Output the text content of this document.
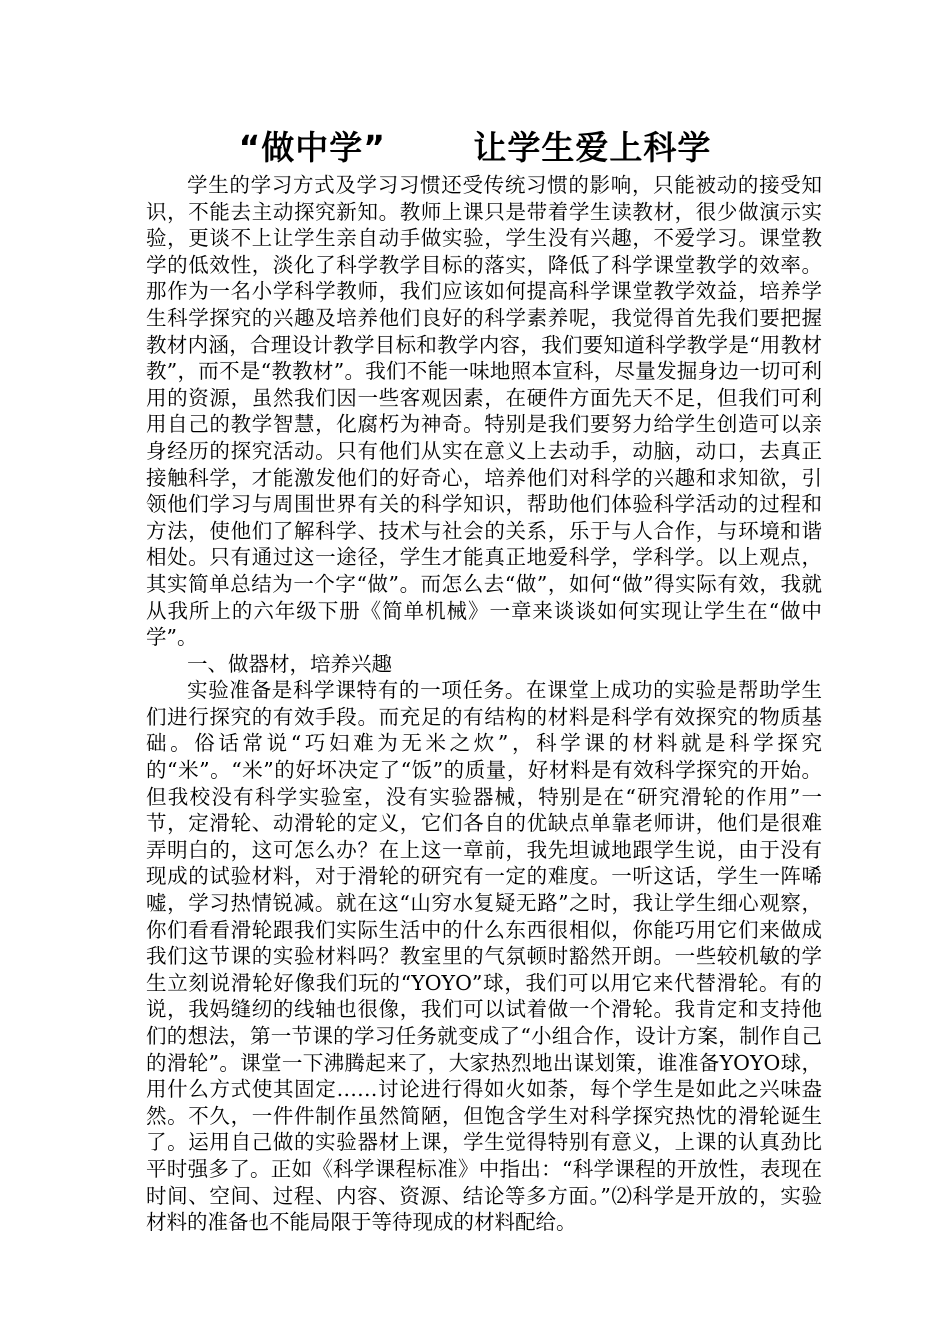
“做中学”       让学生爱上科学

学生的学习方式及学习习惯还受传统习惯的影响，只能被动的接受知识，不能去主动探究新知。教师上课只是带着学生读教材，很少做演示实验，更谈不上让学生亲自动手做实验，学生没有兴趣，不爱学习。课堂教学的低效性，淡化了科学教学目标的落实，降低了科学课堂教学的效率。那作为一名小学科学教师，我们应该如何提高科学课堂教学效益，培养学生科学探究的兴趣及培养他们良好的科学素养呢，我觉得首先我们要把握教材内涵，合理设计教学目标和教学内容，我们要知道科学教学是“用教材教”，而不是“教教材”。我们不能一味地照本宣科，尽量发掘身边一切可利用的资源，虽然我们因一些客观因素，在硬件方面先天不足，但我们可利用自己的教学智慧，化腐朽为神奇。特别是我们要努力给学生创造可以亲身经历的探究活动。只有他们从实在意义上去动手，动脑，动口，去真正接触科学，才能激发他们的好奇心，培养他们对科学的兴趣和求知欲，引领他们学习与周围世界有关的科学知识，帮助他们体验科学活动的过程和方法，使他们了解科学、技术与社会的关系，乐于与人合作，与环境和谐相处。只有通过这一途径，学生才能真正地爱科学，学科学。以上观点，其实简单总结为一个字“做”。而怎么去“做”，如何“做”得实际有效，我就从我所上的六年级下册《简单机械》一章来谈谈如何实现让学生在“做中学”。

一、做器材，培养兴趣

实验准备是科学课特有的一项任务。在课堂上成功的实验是帮助学生们进行探究的有效手段。而充足的有结构的材料是科学有效探究的物质基础。俗话常说“巧妇难为无米之炊”，科学课的材料就是科学探究的“米”。“米”的好坏决定了“饭”的质量，好材料是有效科学探究的开始。但我校没有科学实验室，没有实验器械，特别是在“研究滑轮的作用”一节，定滑轮、动滑轮的定义，它们各自的优缺点单靠老师讲，他们是很难弄明白的，这可怎么办？在上这一章前，我先坦诚地跟学生说，由于没有现成的试验材料，对于滑轮的研究有一定的难度。一听这话，学生一阵唏嘘，学习热情锐减。就在这“山穷水复疑无路”之时，我让学生细心观察，你们看看滑轮跟我们实际生活中的什么东西很相似，你能巧用它们来做成我们这节课的实验材料吗？教室里的气氛顿时豁然开朗。一些较机敏的学生立刻说滑轮好像我们玩的“YOYO”球，我们可以用它来代替滑轮。有的说，我妈缝纫的线轴也很像，我们可以试着做一个滑轮。我肯定和支持他们的想法，第一节课的学习任务就变成了“小组合作，设计方案，制作自己的滑轮”。课堂一下沸腾起来了，大家热烈地出谋划策，谁准备YOYO球，用什么方式使其固定……讨论进行得如火如荼，每个学生是如此之兴味盎然。不久，一件件制作虽然简陋，但饱含学生对科学探究热忱的滑轮诞生了。运用自己做的实验器材上课，学生觉得特别有意义，上课的认真劲比平时强多了。正如《科学课程标准》中指出：“科学课程的开放性，表现在时间、空间、过程、内容、资源、结论等多方面。”⑵科学是开放的，实验材料的准备也不能局限于等待现成的材料配给。
